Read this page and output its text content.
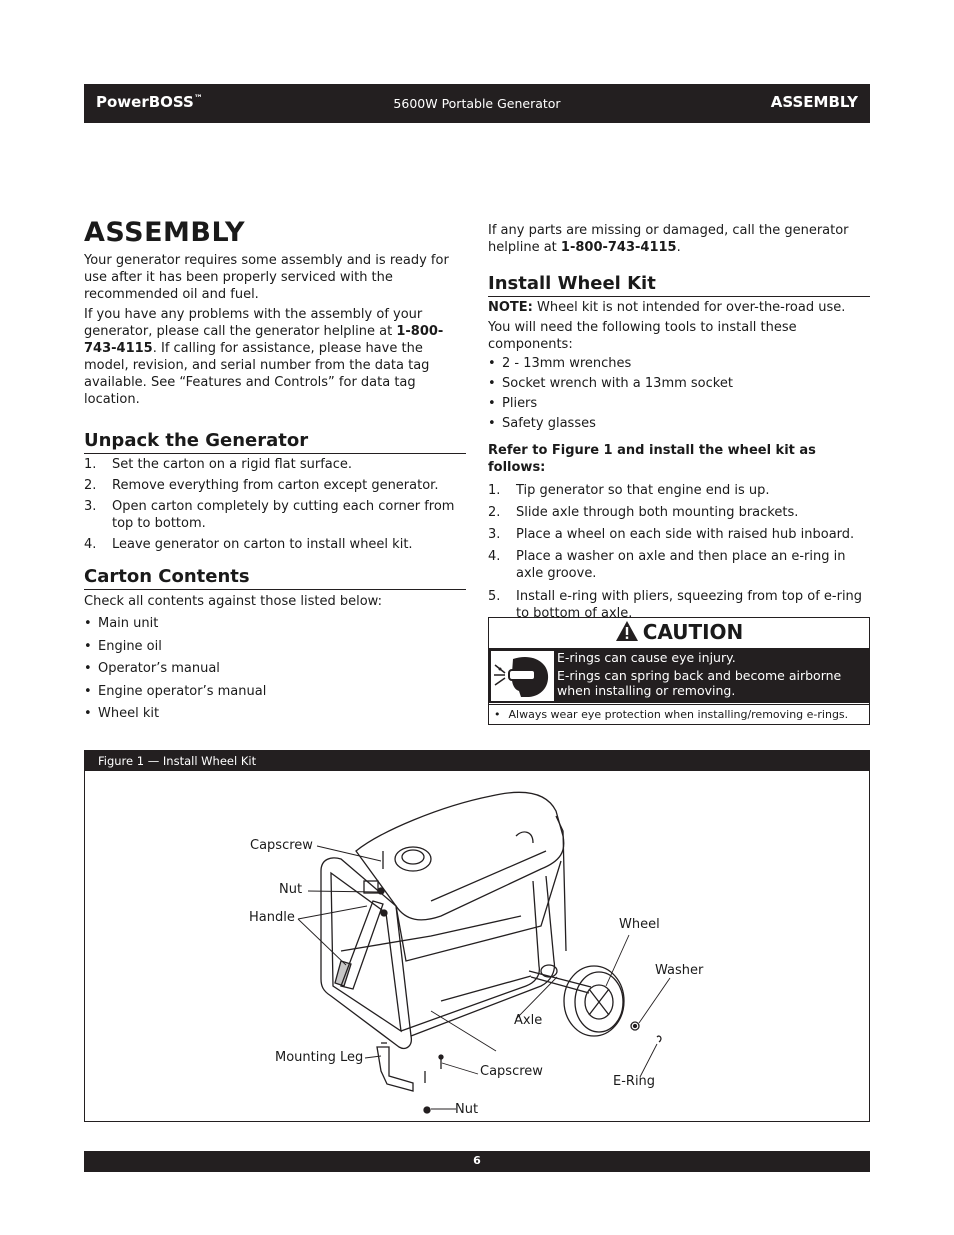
PowerBOSS™	5600W Portable Generator	ASSEMBLY
ASSEMBLY

Your generator requires some assembly and is ready for use after it has been properly serviced with the recommended oil and fuel.

If you have any problems with the assembly of your generator, please call the generator helpline at 1-800-743-4115. If calling for assistance, please have the model, revision, and serial number from the data tag available. See “Features and Controls” for data tag location.

Unpack the Generator
1.	Set the carton on a rigid flat surface.
2.	Remove everything from carton except generator.
3.	Open carton completely by cutting each corner from top to bottom.
4.	Leave generator on carton to install wheel kit.
Carton Contents

Check all contents against those listed below:

• Main unit
• Engine oil
• Operator’s manual
• Engine operator’s manual
• Wheel kit

If any parts are missing or damaged, call the generator helpline at 1-800-743-4115.

Install Wheel Kit

NOTE: Wheel kit is not intended for over-the-road use.

You will need the following tools to install these components:

• 2 - 13mm wrenches
• Socket wrench with a 13mm socket
• Pliers
• Safety glasses

Refer to Figure 1 and install the wheel kit as follows:

1.	Tip generator so that engine end is up.
2.	Slide axle through both mounting brackets.
3.	Place a wheel on each side with raised hub inboard.
4.	Place a washer on axle and then place an e-ring in axle groove.
5.	Install e-ring with pliers, squeezing from top of e-ring to bottom of axle.
CAUTION
E-rings can cause eye injury.
E-rings can spring back and become airborne when installing or removing.
• Always wear eye protection when installing/removing e-rings.
Figure 1 — Install Wheel Kit
Capscrew
Nut
Handle
Mounting Leg
Capscrew
Nut
Axle
Wheel
Washer
E-Ring
6
